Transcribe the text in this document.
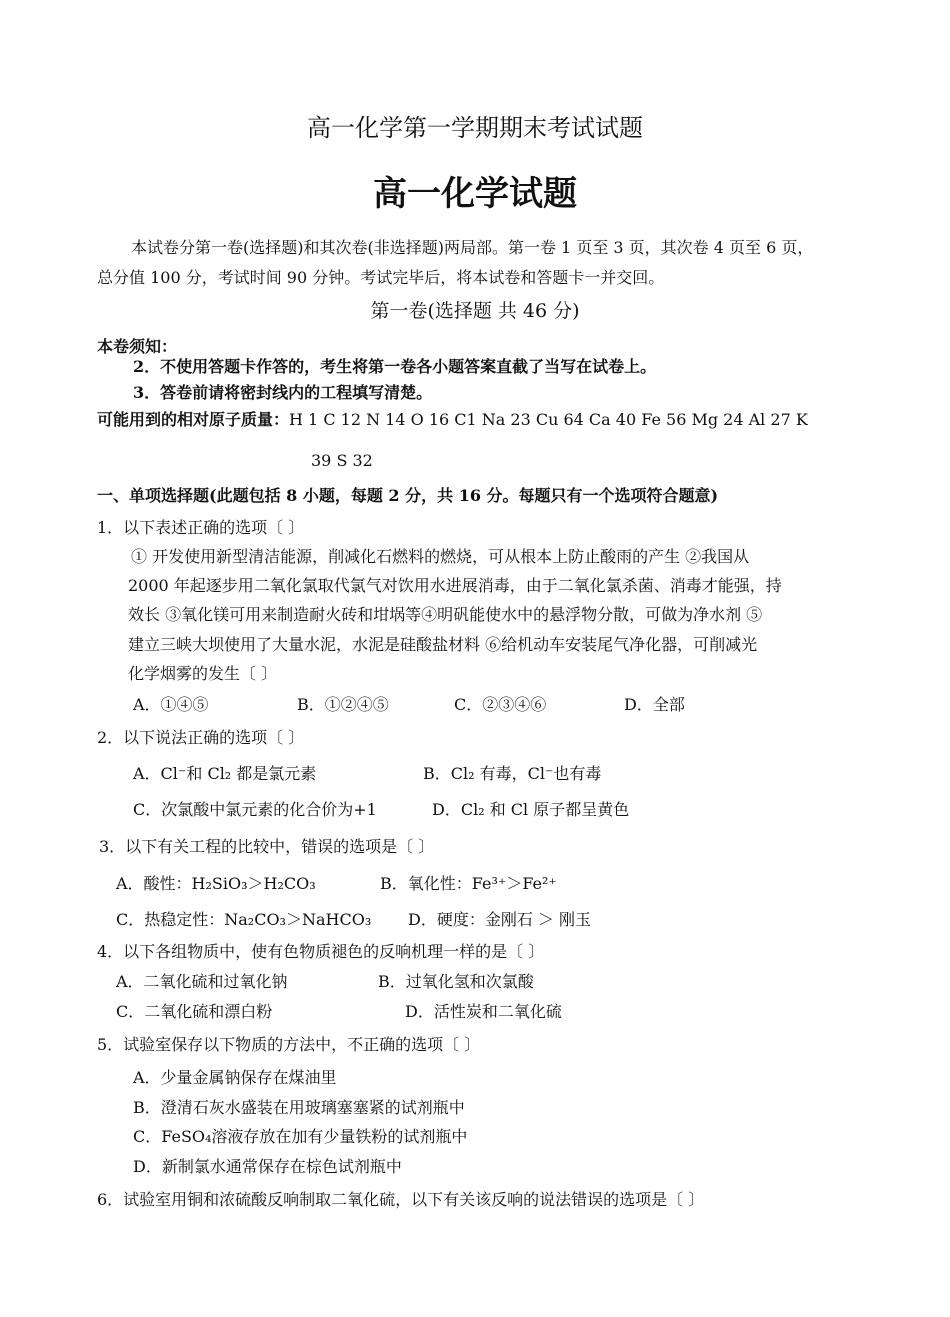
高一化学第一学期期末考试试题
高一化学试题
本试卷分第一卷(选择题)和其次卷(非选择题)两局部。第一卷 1 页至 3 页，其次卷 4 页至 6 页，
总分值 100 分，考试时间 90 分钟。考试完毕后，将本试卷和答题卡一并交回。
第一卷(选择题 共 46 分)
本卷须知：
2．不使用答题卡作答的，考生将第一卷各小题答案直截了当写在试卷上。
3．答卷前请将密封线内的工程填写清楚。
可能用到的相对原子质量：H 1 C 12 N 14 O 16 C1 Na 23 Cu 64 Ca 40 Fe 56 Mg 24 Al 27 K
39 S 32
一、单项选择题(此题包括 8 小题，每题 2 分，共 16 分。每题只有一个选项符合题意)
1．以下表述正确的选项〔 〕
① 开发使用新型清洁能源，削减化石燃料的燃烧，可从根本上防止酸雨的产生 ②我国从
2000 年起逐步用二氧化氯取代氯气对饮用水进展消毒，由于二氧化氯杀菌、消毒才能强，持
效长 ③氧化镁可用来制造耐火砖和坩埚等④明矾能使水中的悬浮物分散，可做为净水剂 ⑤
建立三峡大坝使用了大量水泥，水泥是硅酸盐材料 ⑥给机动车安装尾气净化器，可削减光
化学烟雾的发生〔 〕
A．①④⑤	B．①②④⑤	C．②③④⑥	D．全部
2．以下说法正确的选项〔 〕
A．Cl⁻和 Cl₂ 都是氯元素	B．Cl₂ 有毒，Cl⁻也有毒
C．次氯酸中氯元素的化合价为+1	D．Cl₂ 和 Cl 原子都呈黄色
3．以下有关工程的比较中，错误的选项是〔 〕
A．酸性：H₂SiO₃＞H₂CO₃	B．氧化性：Fe³⁺＞Fe²⁺
C．热稳定性：Na₂CO₃＞NaHCO₃ D．硬度：金刚石 ＞ 刚玉
4．以下各组物质中，使有色物质褪色的反响机理一样的是〔 〕
A．二氧化硫和过氧化钠	B．过氧化氢和次氯酸
C．二氧化硫和漂白粉	D．活性炭和二氧化硫
5．试验室保存以下物质的方法中，不正确的选项〔 〕
A．少量金属钠保存在煤油里
B．澄清石灰水盛装在用玻璃塞塞紧的试剂瓶中
C．FeSO₄溶液存放在加有少量铁粉的试剂瓶中
D．新制氯水通常保存在棕色试剂瓶中
6．试验室用铜和浓硫酸反响制取二氧化硫，以下有关该反响的说法错误的选项是〔 〕
